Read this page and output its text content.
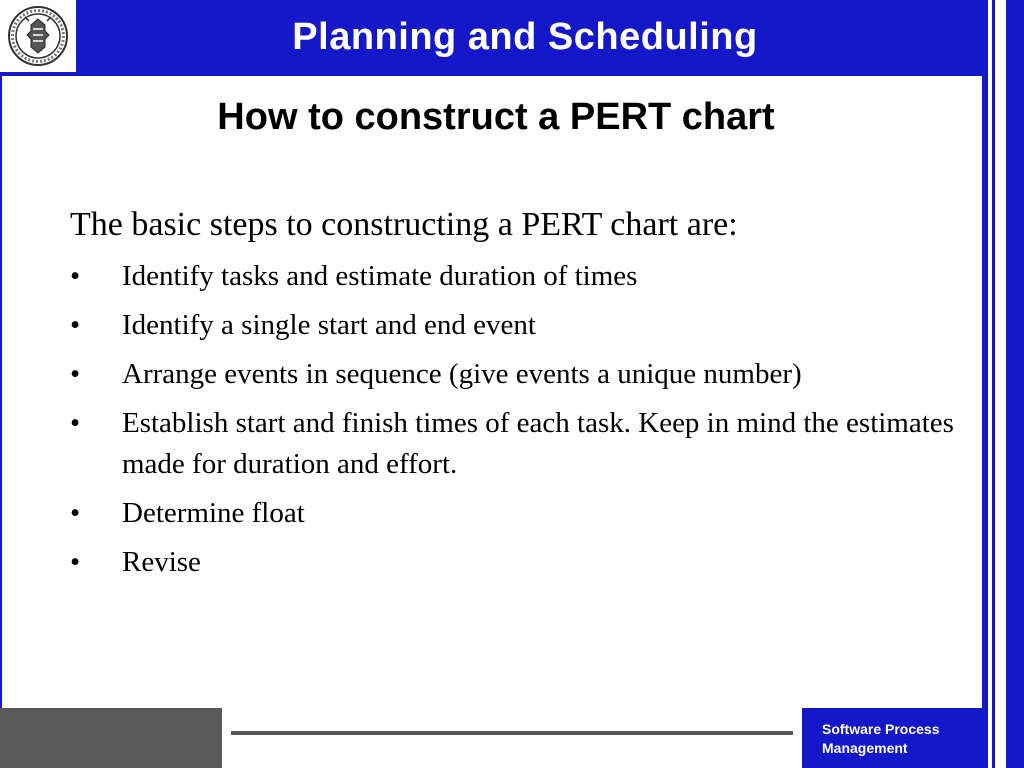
Planning and Scheduling
How to construct a PERT chart
The basic steps to constructing a PERT chart are:
• Identify tasks and estimate duration of times
• Identify a single start and end event
• Arrange events in sequence (give events a unique number)
• Establish start and finish times of each task. Keep in mind the estimates made for duration and effort.
• Determine float
• Revise
Software Process
Management
